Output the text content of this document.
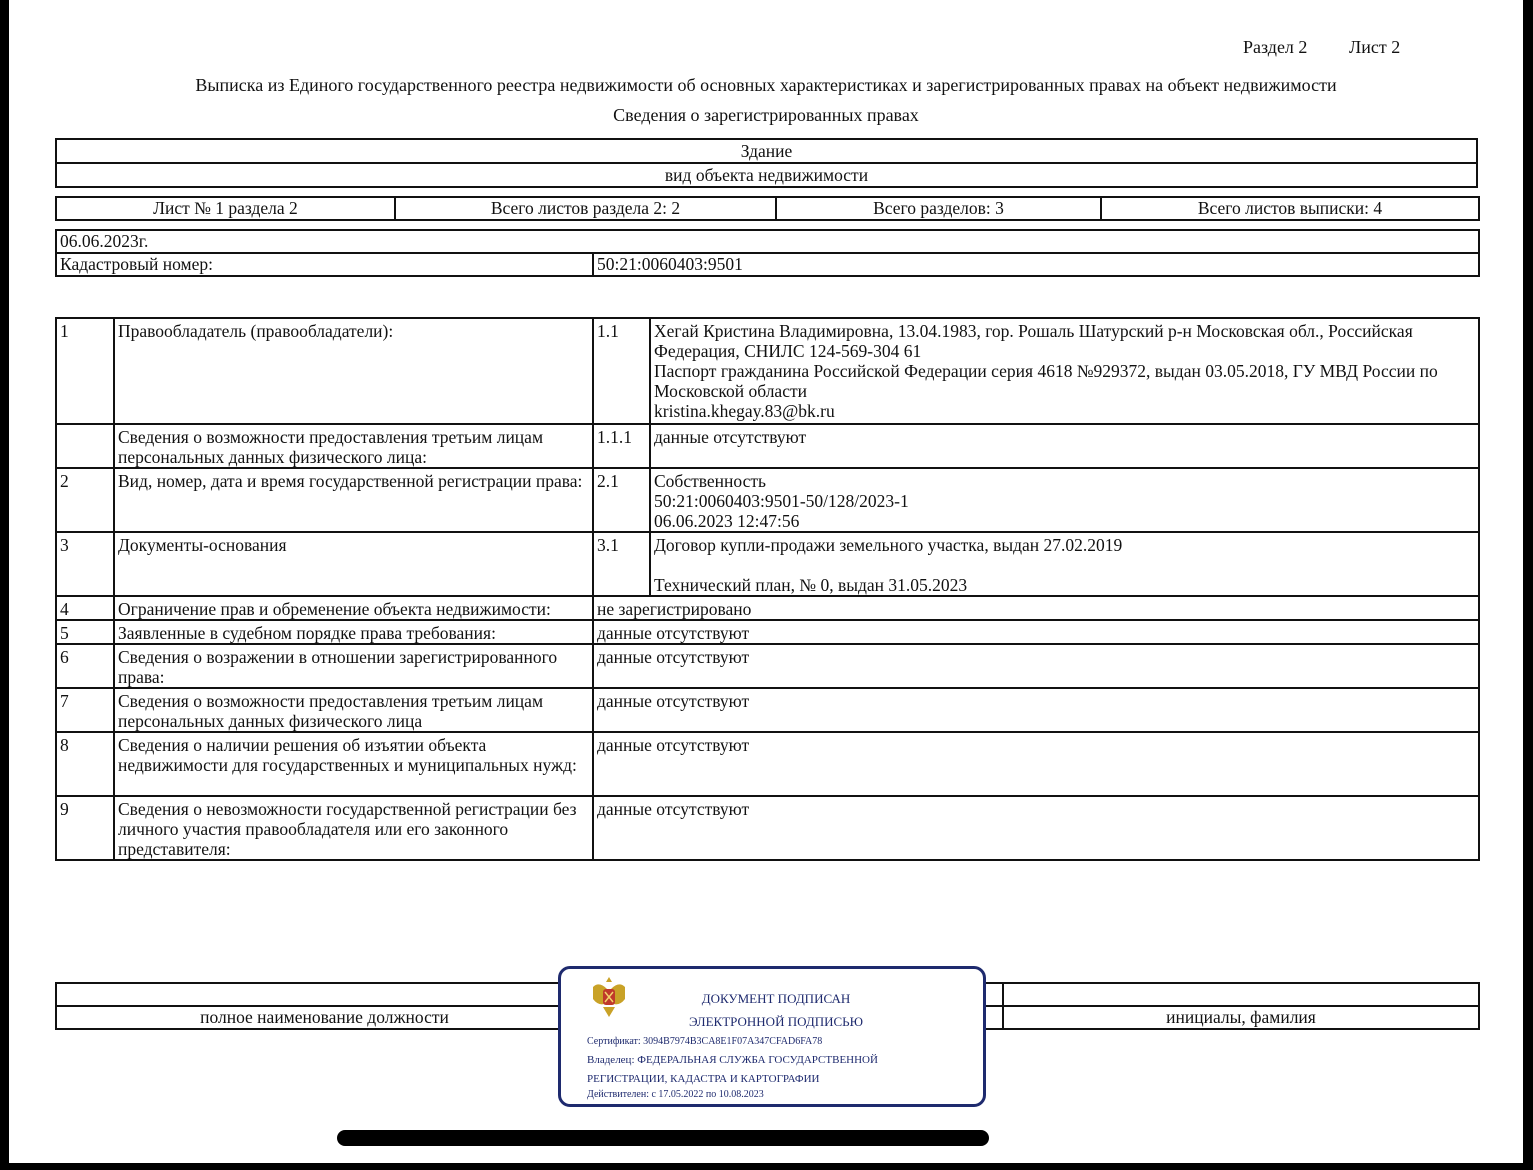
Раздел 2 Лист 2
Выписка из Единого государственного реестра недвижимости об основных характеристиках и зарегистрированных правах на объект недвижимости
Сведения о зарегистрированных правах
Здание
вид объекта недвижимости
Лист № 1 раздела 2	Всего листов раздела 2: 2	Всего разделов: 3	Всего листов выписки: 4
06.06.2023г.
Кадастровый номер:	50:21:0060403:9501
1	Правообладатель (правообладатели):	1.1	Хегай Кристина Владимировна, 13.04.1983, гор. Рошаль Шатурский р-н Московская обл., Российская Федерация, СНИЛС 124-569-304 61
Паспорт гражданина Российской Федерации серия 4618 №929372, выдан 03.05.2018, ГУ МВД России по Московской области
kristina.khegay.83@bk.ru
	Сведения о возможности предоставления третьим лицам персональных данных физического лица:	1.1.1	данные отсутствуют
2	Вид, номер, дата и время государственной регистрации права:	2.1	Собственность
50:21:0060403:9501-50/128/2023-1
06.06.2023 12:47:56
3	Документы-основания	3.1	Договор купли-продажи земельного участка, выдан 27.02.2019

Технический план, № 0, выдан 31.05.2023
4	Ограничение прав и обременение объекта недвижимости:	не зарегистрировано	
5	Заявленные в судебном порядке права требования:	данные отсутствуют	
6	Сведения о возражении в отношении зарегистрированного права:	данные отсутствуют	
7	Сведения о возможности предоставления третьим лицам персональных данных физического лица	данные отсутствуют	
8	Сведения о наличии решения об изъятии объекта недвижимости для государственных и муниципальных нужд:	данные отсутствуют	
9	Сведения о невозможности государственной регистрации без личного участия правообладателя или его законного представителя:	данные отсутствуют	

полное наименование должности		инициалы, фамилия
ДОКУМЕНТ ПОДПИСАН
ЭЛЕКТРОННОЙ ПОДПИСЬЮ
Сертификат: 3094B7974B3CA8E1F07A347CFAD6FA78
Владелец: ФЕДЕРАЛЬНАЯ СЛУЖБА ГОСУДАРСТВЕННОЙ
РЕГИСТРАЦИИ, КАДАСТРА И КАРТОГРАФИИ
Действителен: с 17.05.2022 по 10.08.2023
